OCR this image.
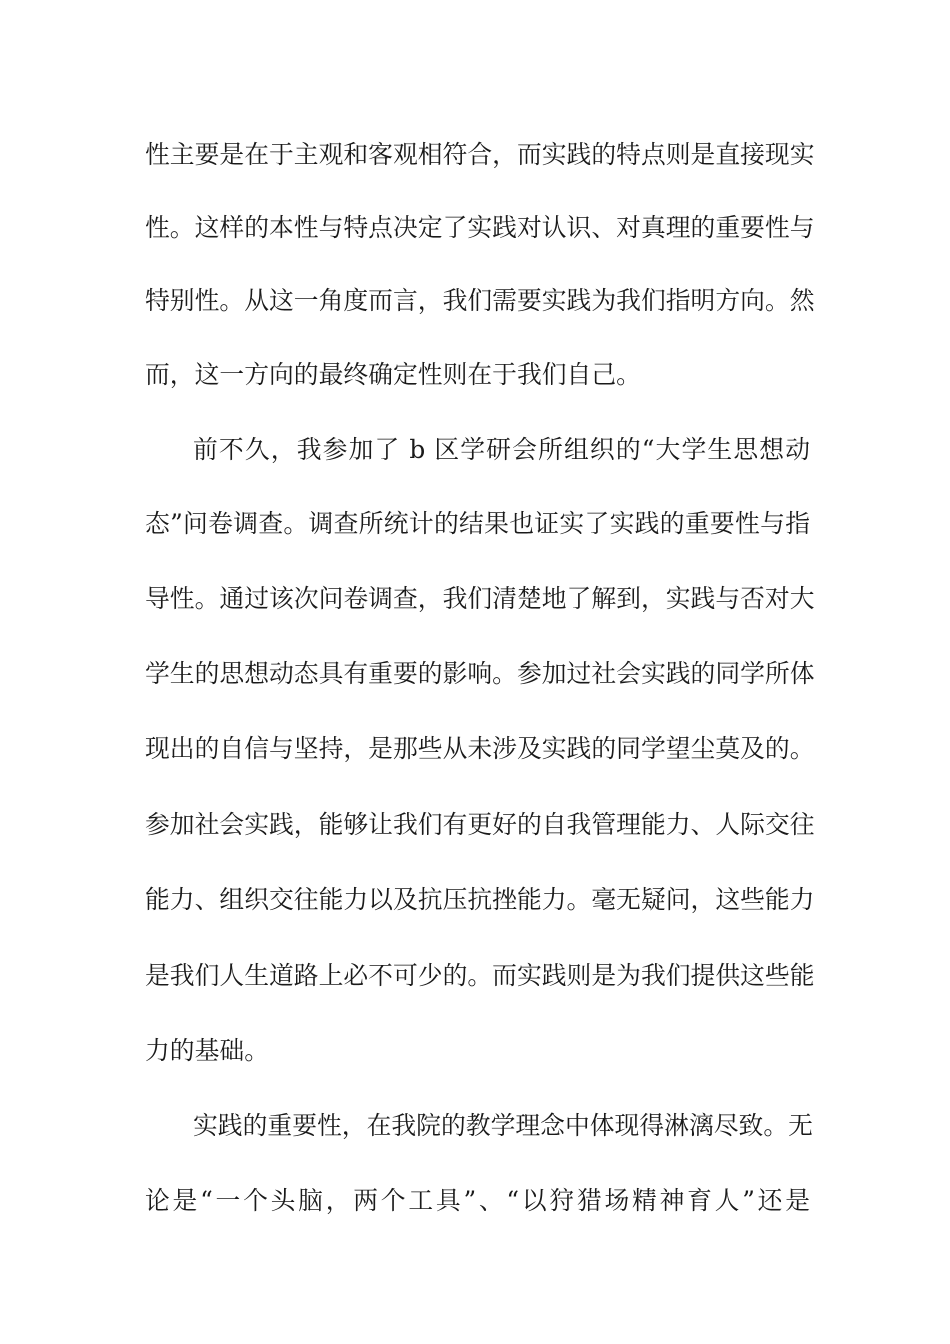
性主要是在于主观和客观相符合，而实践的特点则是直接现实
性。这样的本性与特点决定了实践对认识、对真理的重要性与
特别性。从这一角度而言，我们需要实践为我们指明方向。然
而，这一方向的最终确定性则在于我们自己。
前不久，我参加了 b 区学研会所组织的“大学生思想动
态”问卷调查。调查所统计的结果也证实了实践的重要性与指
导性。通过该次问卷调查，我们清楚地了解到，实践与否对大
学生的思想动态具有重要的影响。参加过社会实践的同学所体
现出的自信与坚持，是那些从未涉及实践的同学望尘莫及的。
参加社会实践，能够让我们有更好的自我管理能力、人际交往
能力、组织交往能力以及抗压抗挫能力。毫无疑问，这些能力
是我们人生道路上必不可少的。而实践则是为我们提供这些能
力的基础。
实践的重要性，在我院的教学理念中体现得淋漓尽致。无
论是“一个头脑，两个工具”、“以狩猎场精神育人”还是
